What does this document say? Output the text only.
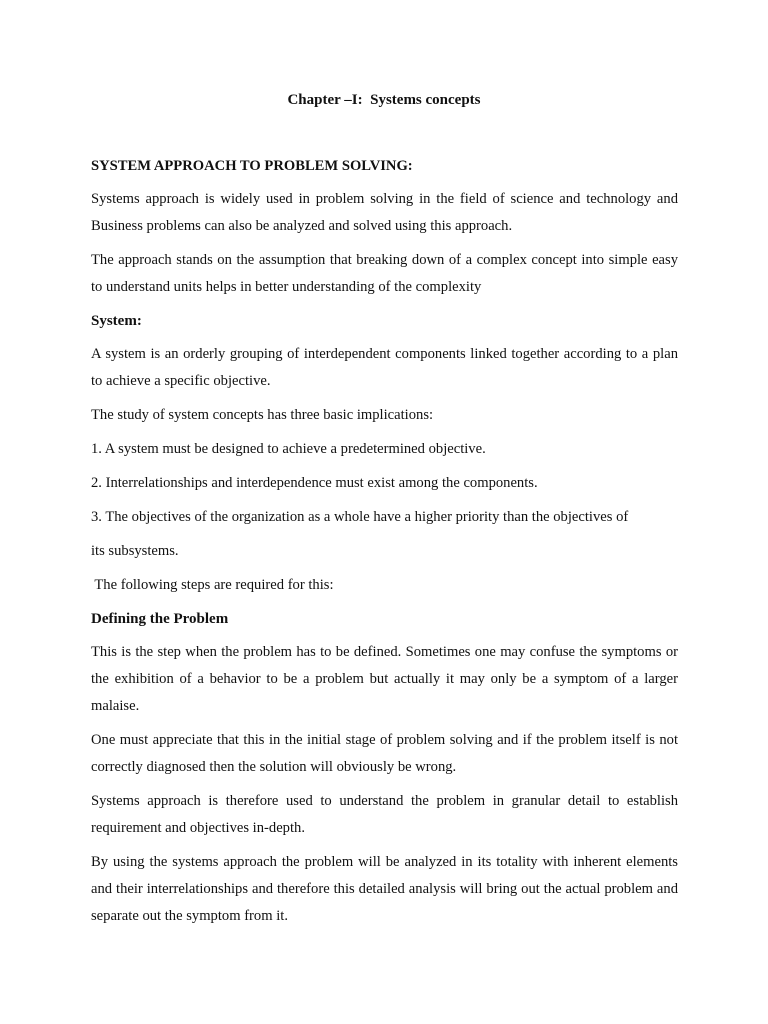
Chapter –I:  Systems concepts
SYSTEM APPROACH TO PROBLEM SOLVING:

Systems approach is widely used in problem solving in the field of science and technology and Business problems can also be analyzed and solved using this approach.

The approach stands on the assumption that breaking down of a complex concept into simple easy to understand units helps in better understanding of the complexity

System:

A system is an orderly grouping of interdependent components linked together according to a plan to achieve a specific objective.

The study of system concepts has three basic implications:

1. A system must be designed to achieve a predetermined objective.

2. Interrelationships and interdependence must exist among the components.

3. The objectives of the organization as a whole have a higher priority than the objectives of

its subsystems.

The following steps are required for this:

Defining the Problem

This is the step when the problem has to be defined. Sometimes one may confuse the symptoms or the exhibition of a behavior to be a problem but actually it may only be a symptom of a larger malaise.

One must appreciate that this in the initial stage of problem solving and if the problem itself is not correctly diagnosed then the solution will obviously be wrong.

Systems approach is therefore used to understand the problem in granular detail to establish requirement and objectives in-depth.

By using the systems approach the problem will be analyzed in its totality with inherent elements and their interrelationships and therefore this detailed analysis will bring out the actual problem and separate out the symptom from it.
